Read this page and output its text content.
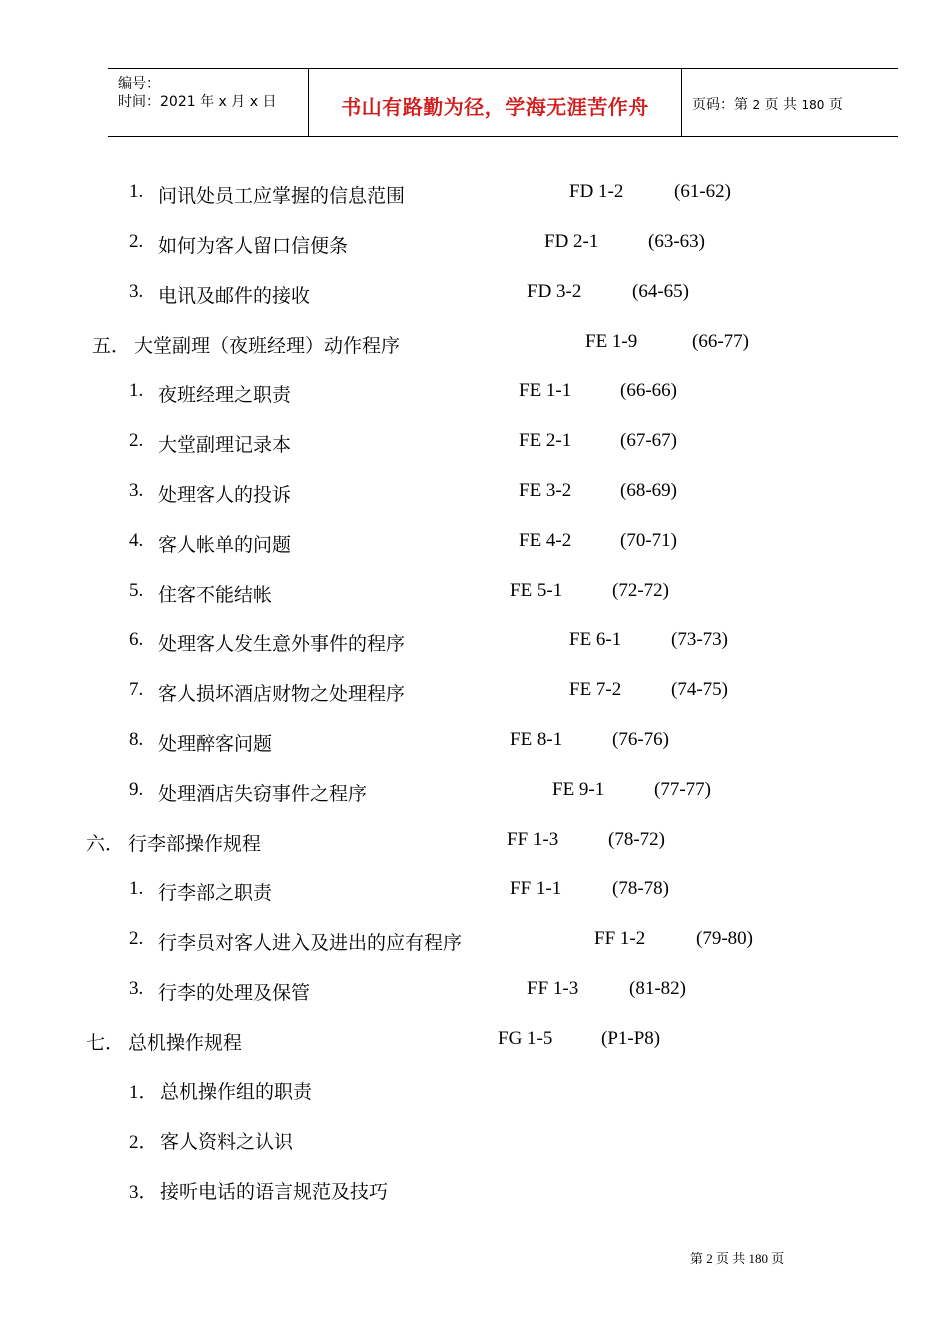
编号：
时间：2021 年 x 月 x 日	书山有路勤为径，学海无涯苦作舟	页码：第 2 页 共 180 页
1. 问讯处员工应掌握的信息范围	FD 1-2	(61-62)
2. 如何为客人留口信便条	FD 2-1	(63-63)
3. 电讯及邮件的接收	FD 3-2	(64-65)
五． 大堂副理（夜班经理）动作程序	FE 1-9	(66-77)
1. 夜班经理之职责	FE 1-1	(66-66)
2. 大堂副理记录本	FE 2-1	(67-67)
3. 处理客人的投诉	FE 3-2	(68-69)
4. 客人帐单的问题	FE 4-2	(70-71)
5. 住客不能结帐	FE 5-1	(72-72)
6. 处理客人发生意外事件的程序	FE 6-1	(73-73)
7. 客人损坏酒店财物之处理程序	FE 7-2	(74-75)
8. 处理醉客问题	FE 8-1	(76-76)
9. 处理酒店失窃事件之程序	FE 9-1	(77-77)
六． 行李部操作规程	FF 1-3	(78-72)
1. 行李部之职责	FF 1-1	(78-78)
2. 行李员对客人进入及进出的应有程序	FF 1-2	(79-80)
3. 行李的处理及保管	FF 1-3	(81-82)
七． 总机操作规程	FG 1-5	(P1-P8)
1． 总机操作组的职责
2． 客人资料之认识
3． 接听电话的语言规范及技巧
第 2 页 共 180 页
